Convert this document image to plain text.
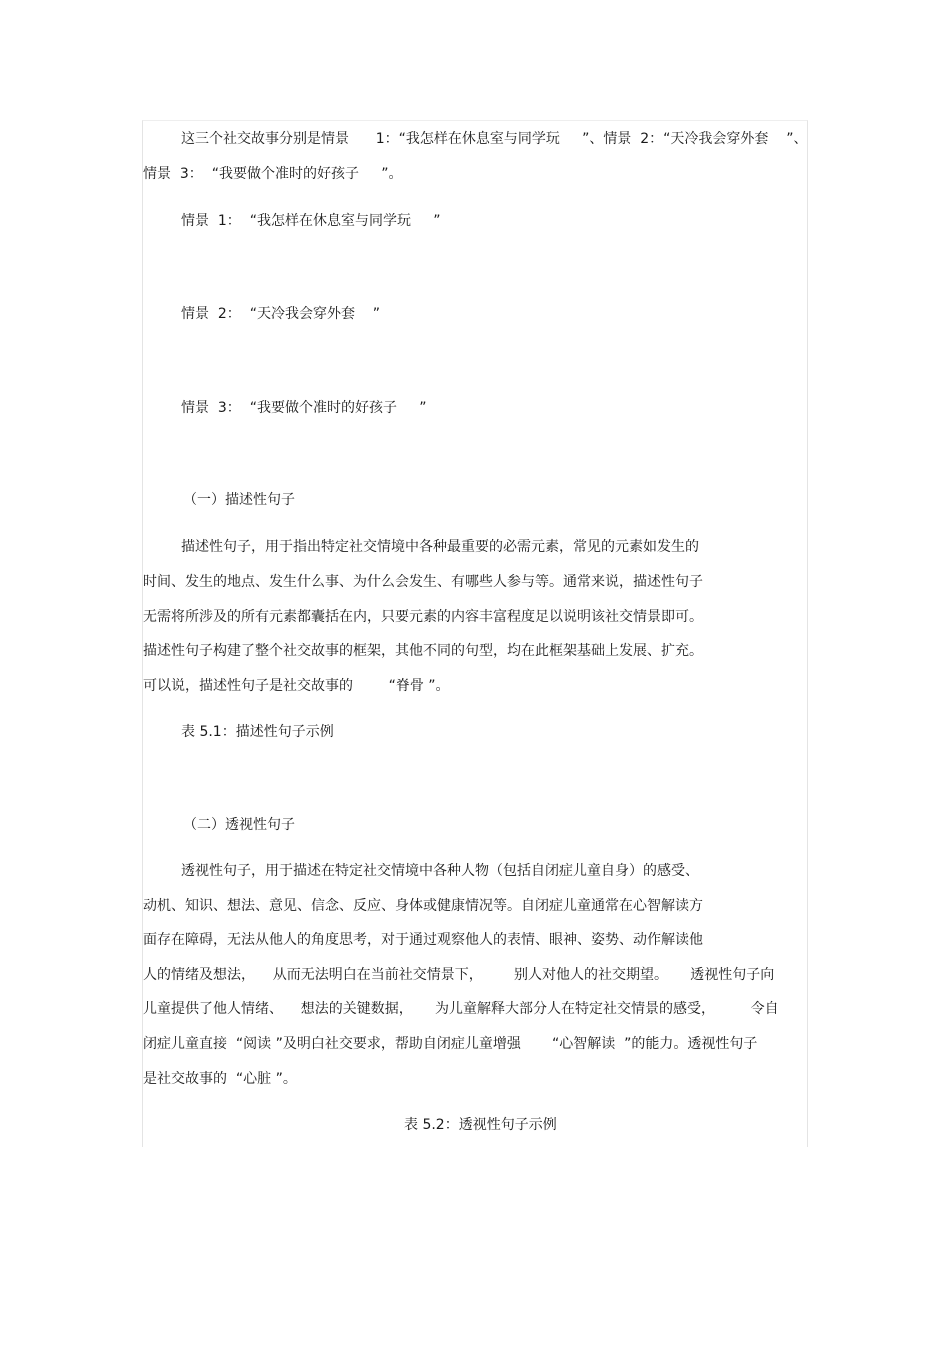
这三个社交故事分别是情景      1：“我怎样在休息室与同学玩     ”、情景  2：“天冷我会穿外套    ”、
情景  3：  “我要做个准时的好孩子     ”。
情景  1：  “我怎样在休息室与同学玩     ”
情景  2：  “天冷我会穿外套    ”
情景  3：  “我要做个准时的好孩子     ”
（一）描述性句子
描述性句子，用于指出特定社交情境中各种最重要的必需元素，常见的元素如发生的
时间、发生的地点、发生什么事、为什么会发生、有哪些人参与等。通常来说，描述性句子
无需将所涉及的所有元素都囊括在内，只要元素的内容丰富程度足以说明该社交情景即可。
描述性句子构建了整个社交故事的框架，其他不同的句型，均在此框架基础上发展、扩充。
可以说，描述性句子是社交故事的        “脊骨 ”。
表 5.1：描述性句子示例
（二）透视性句子
透视性句子，用于描述在特定社交情境中各种人物（包括自闭症儿童自身）的感受、
动机、知识、想法、意见、信念、反应、身体或健康情况等。自闭症儿童通常在心智解读方
面存在障碍，无法从他人的角度思考，对于通过观察他人的表情、眼神、姿势、动作解读他
人的情绪及想法，    从而无法明白在当前社交情景下，       别人对他人的社交期望。     透视性句子向
儿童提供了他人情绪、    想法的关键数据，     为儿童解释大部分人在特定社交情景的感受，        令自
闭症儿童直接  “阅读 ”及明白社交要求，帮助自闭症儿童增强       “心智解读  ”的能力。透视性句子
是社交故事的  “心脏 ”。
表 5.2：透视性句子示例
